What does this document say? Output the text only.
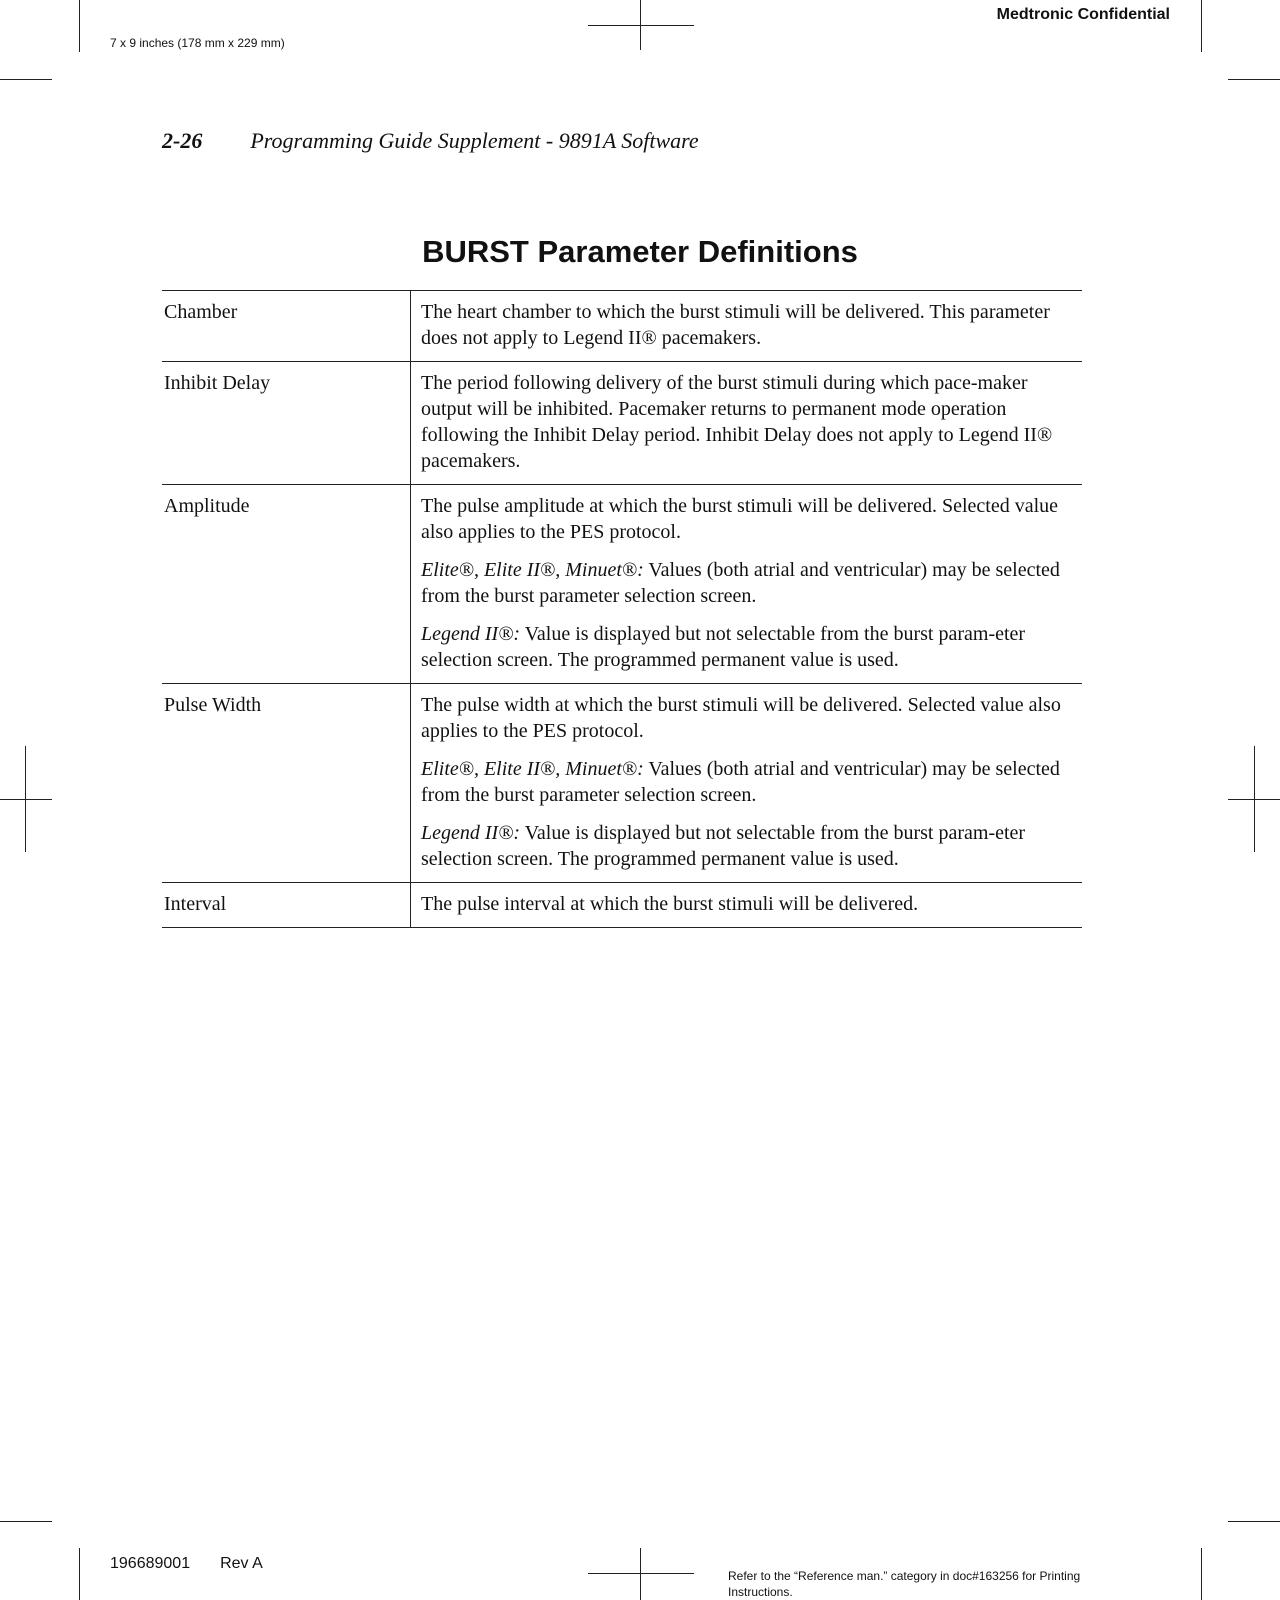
Medtronic Confidential
7 x 9 inches (178 mm x 229 mm)
2-26 Programming Guide Supplement - 9891A Software
BURST Parameter Definitions
Chamber	The heart chamber to which the burst stimuli will be delivered. This parameter does not apply to Legend II® pacemakers.

Inhibit Delay	The period following delivery of the burst stimuli during which pace-maker output will be inhibited. Pacemaker returns to permanent mode operation following the Inhibit Delay period. Inhibit Delay does not apply to Legend II® pacemakers.

Amplitude	The pulse amplitude at which the burst stimuli will be delivered. Selected value also applies to the PES protocol.

Elite®, Elite II®, Minuet®: Values (both atrial and ventricular) may be selected from the burst parameter selection screen.

Legend II®: Value is displayed but not selectable from the burst param-eter selection screen. The programmed permanent value is used.

Pulse Width	The pulse width at which the burst stimuli will be delivered. Selected value also applies to the PES protocol.

Elite®, Elite II®, Minuet®: Values (both atrial and ventricular) may be selected from the burst parameter selection screen.

Legend II®: Value is displayed but not selectable from the burst param-eter selection screen. The programmed permanent value is used.

Interval	The pulse interval at which the burst stimuli will be delivered.

196689001 Rev A
Refer to the “Reference man.” category in doc#163256 for Printing Instructions.
